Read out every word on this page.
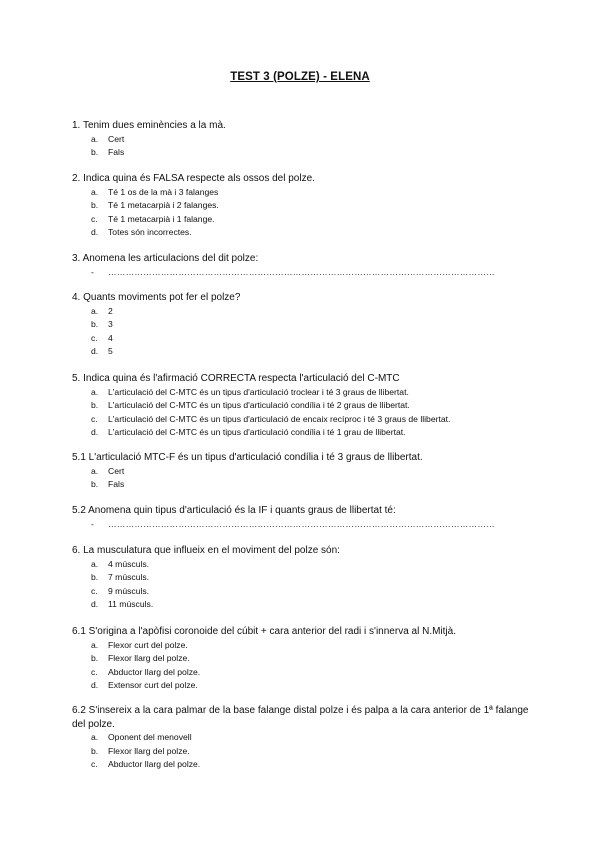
TEST 3 (POLZE) - ELENA

1. Tenim dues eminències a la mà.

a. Cert
b. Fals

2. Indica quina és FALSA respecte als ossos del polze.

a. Té 1 os de la mà i 3 falanges
b. Té 1 metacarpià i 2 falanges.
c. Té 1 metacarpià i 1 falange.
d. Totes són incorrectes.

3. Anomena les articulacions del dit polze:

- ……………………………………………………………………………………………………………………

4. Quants moviments pot fer el polze?

a. 2
b. 3
c. 4
d. 5

5. Indica quina és l'afirmació CORRECTA respecta l'articulació del C-MTC

a. L'articulació del C-MTC és un tipus d'articulació troclear i té 3 graus de llibertat.
b. L'articulació del C-MTC és un tipus d'articulació condília i té 2 graus de llibertat.
c. L'articulació del C-MTC és un tipus d'articulació de encaix recíproc i té 3 graus de llibertat.
d. L'articulació del C-MTC és un tipus d'articulació condília i té 1 grau de llibertat.

5.1 L'articulació MTC-F és un tipus d'articulació condília i té 3 graus de llibertat.

a. Cert
b. Fals

5.2 Anomena quin tipus d'articulació és la IF i quants graus de llibertat té:

- ……………………………………………………………………………………………………………………

6. La musculatura que influeix en el moviment del polze són:

a. 4 músculs.
b. 7 músculs.
c. 9 músculs.
d. 11 músculs.

6.1 S'origina a l'apòfisi coronoide del cúbit + cara anterior del radi i s'innerva al N.Mitjà.

a. Flexor curt del polze.
b. Flexor llarg del polze.
c. Abductor llarg del polze.
d. Extensor curt del polze.

6.2 S'insereix a la cara palmar de la base falange distal polze i és palpa a la cara anterior de 1ª falange del polze.

a. Oponent del menovell
b. Flexor llarg del polze.
c. Abductor llarg del polze.
